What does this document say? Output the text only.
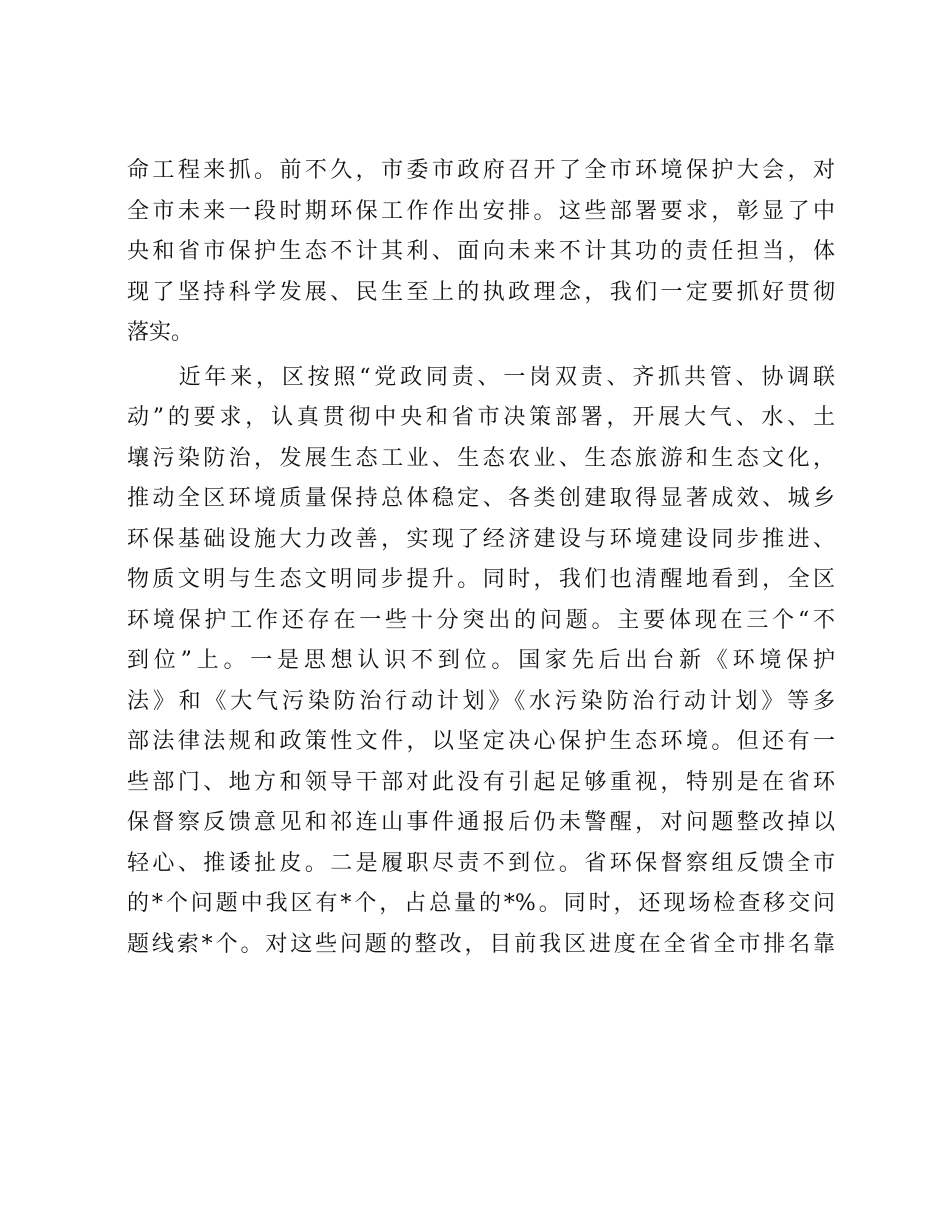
命工程来抓。前不久，市委市政府召开了全市环境保护大会，对
全市未来一段时期环保工作作出安排。这些部署要求，彰显了中
央和省市保护生态不计其利、面向未来不计其功的责任担当，体
现了坚持科学发展、民生至上的执政理念，我们一定要抓好贯彻
落实。
　　近年来，区按照“党政同责、一岗双责、齐抓共管、协调联
动”的要求，认真贯彻中央和省市决策部署，开展大气、水、土
壤污染防治，发展生态工业、生态农业、生态旅游和生态文化，
推动全区环境质量保持总体稳定、各类创建取得显著成效、城乡
环保基础设施大力改善，实现了经济建设与环境建设同步推进、
物质文明与生态文明同步提升。同时，我们也清醒地看到，全区
环境保护工作还存在一些十分突出的问题。主要体现在三个“不
到位”上。一是思想认识不到位。国家先后出台新《环境保护
法》和《大气污染防治行动计划》《水污染防治行动计划》等多
部法律法规和政策性文件，以坚定决心保护生态环境。但还有一
些部门、地方和领导干部对此没有引起足够重视，特别是在省环
保督察反馈意见和祁连山事件通报后仍未警醒，对问题整改掉以
轻心、推诿扯皮。二是履职尽责不到位。省环保督察组反馈全市
的*个问题中我区有*个，占总量的*%。同时，还现场检查移交问
题线索*个。对这些问题的整改，目前我区进度在全省全市排名靠
